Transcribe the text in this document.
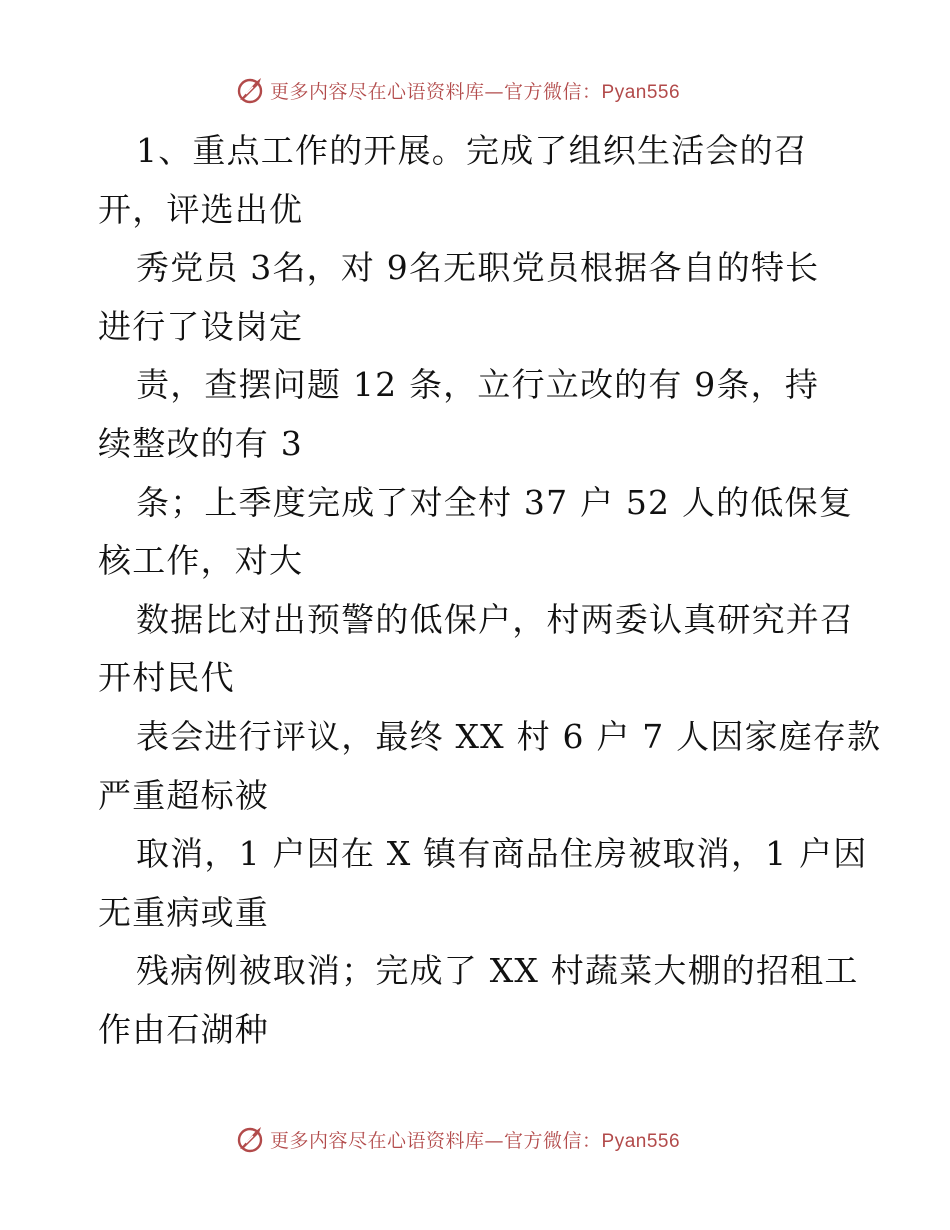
更多内容尽在心语资料库—官方微信：Pyan556
1、重点工作的开展。完成了组织生活会的召
开，评选出优
秀党员 3名，对 9名无职党员根据各自的特长
进行了设岗定
责，查摆问题 12 条，立行立改的有 9条，持
续整改的有 3
条；上季度完成了对全村 37 户 52 人的低保复
核工作，对大
数据比对出预警的低保户，村两委认真研究并召
开村民代
表会进行评议，最终 XX 村 6 户 7 人因家庭存款
严重超标被
取消，1 户因在 X 镇有商品住房被取消，1 户因
无重病或重
残病例被取消；完成了 XX 村蔬菜大棚的招租工
作由石湖种
更多内容尽在心语资料库—官方微信：Pyan556
